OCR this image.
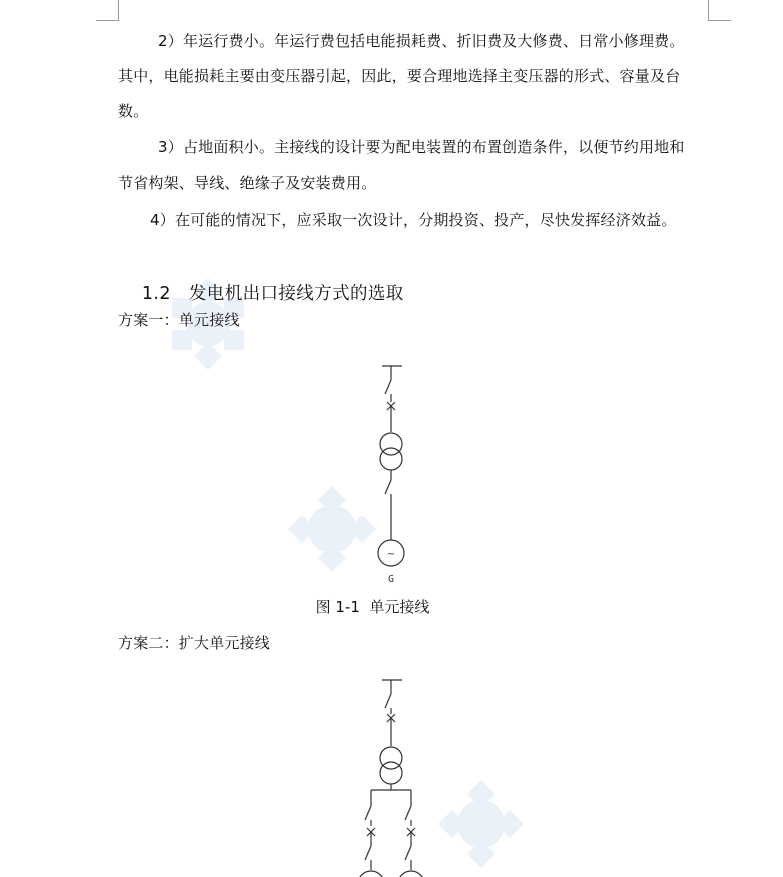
2）年运行费小。年运行费包括电能损耗费、折旧费及大修费、日常小修理费。
其中，电能损耗主要由变压器引起，因此，要合理地选择主变压器的形式、容量及台
数。
3）占地面积小。主接线的设计要为配电装置的布置创造条件，以便节约用地和
节省构架、导线、绝缘子及安装费用。
4）在可能的情况下，应采取一次设计，分期投资、投产，尽快发挥经济效益。

1.2 发电机出口接线方式的选取

方案一：单元接线
~
G
图 1-1  单元接线
方案二：扩大单元接线
